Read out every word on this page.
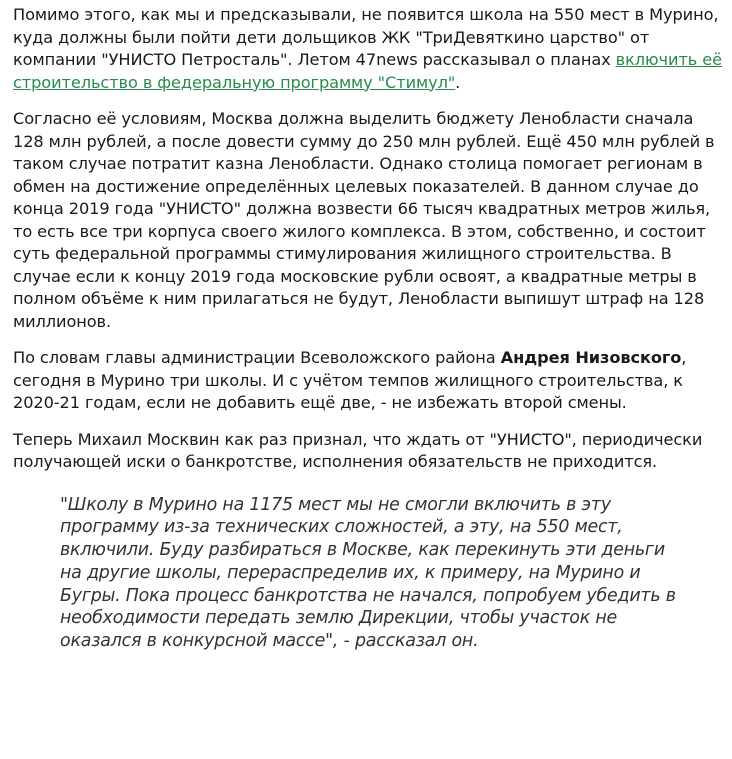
Помимо этого, как мы и предсказывали, не появится школа на 550 мест в Мурино, куда должны были пойти дети дольщиков ЖК "ТриДевяткино царство" от компании "УНИСТО Петросталь". Летом 47news рассказывал о планах включить её строительство в федеральную программу "Стимул".

Согласно её условиям, Москва должна выделить бюджету Ленобласти сначала 128 млн рублей, а после довести сумму до 250 млн рублей. Ещё 450 млн рублей в таком случае потратит казна Ленобласти. Однако столица помогает регионам в обмен на достижение определённых целевых показателей. В данном случае до конца 2019 года "УНИСТО" должна возвести 66 тысяч квадратных метров жилья, то есть все три корпуса своего жилого комплекса. В этом, собственно, и состоит суть федеральной программы стимулирования жилищного строительства. В случае если к концу 2019 года московские рубли освоят, а квадратные метры в полном объёме к ним прилагаться не будут, Ленобласти выпишут штраф на 128 миллионов.

По словам главы администрации Всеволожского района Андрея Низовского, сегодня в Мурино три школы. И с учётом темпов жилищного строительства, к 2020-21 годам, если не добавить ещё две, - не избежать второй смены.

Теперь Михаил Москвин как раз признал, что ждать от "УНИСТО", периодически получающей иски о банкротстве, исполнения обязательств не приходится.

"Школу в Мурино на 1175 мест мы не смогли включить в эту программу из-за технических сложностей, а эту, на 550 мест, включили. Буду разбираться в Москве, как перекинуть эти деньги на другие школы, перераспределив их, к примеру, на Мурино и Бугры. Пока процесс банкротства не начался, попробуем убедить в необходимости передать землю Дирекции, чтобы участок не оказался в конкурсной массе", - рассказал он.
